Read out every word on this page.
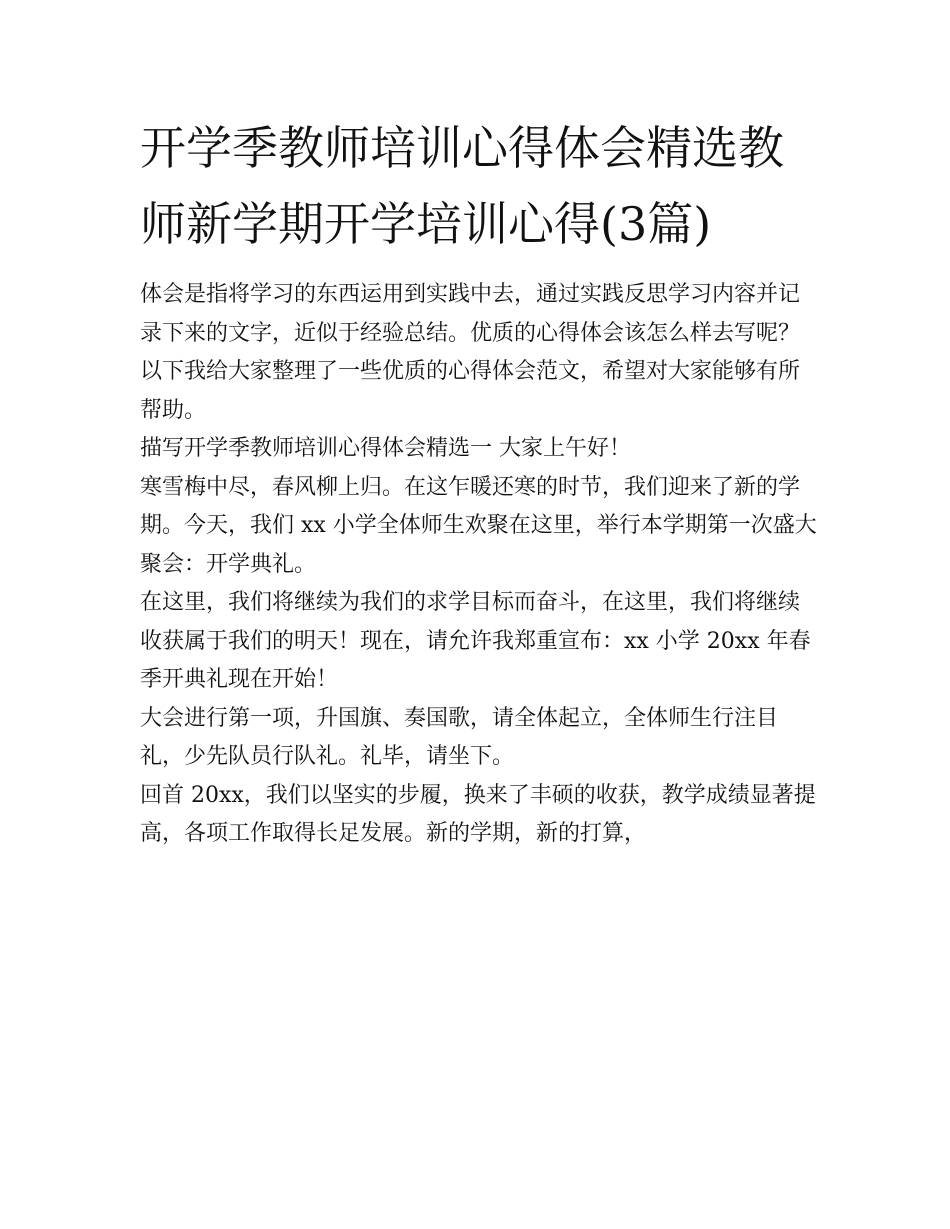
开学季教师培训心得体会精选教师新学期开学培训心得(3篇)

体会是指将学习的东西运用到实践中去，通过实践反思学习内容并记录下来的文字，近似于经验总结。优质的心得体会该怎么样去写呢？以下我给大家整理了一些优质的心得体会范文，希望对大家能够有所帮助。

描写开学季教师培训心得体会精选一 大家上午好！

寒雪梅中尽，春风柳上归。在这乍暖还寒的时节，我们迎来了新的学期。今天，我们 xx 小学全体师生欢聚在这里，举行本学期第一次盛大聚会：开学典礼。

在这里，我们将继续为我们的求学目标而奋斗，在这里，我们将继续收获属于我们的明天！现在，请允许我郑重宣布：xx 小学 20xx 年春季开典礼现在开始！

大会进行第一项，升国旗、奏国歌，请全体起立，全体师生行注目礼，少先队员行队礼。礼毕，请坐下。

回首 20xx，我们以坚实的步履，换来了丰硕的收获，教学成绩显著提高，各项工作取得长足发展。新的学期，新的打算，
